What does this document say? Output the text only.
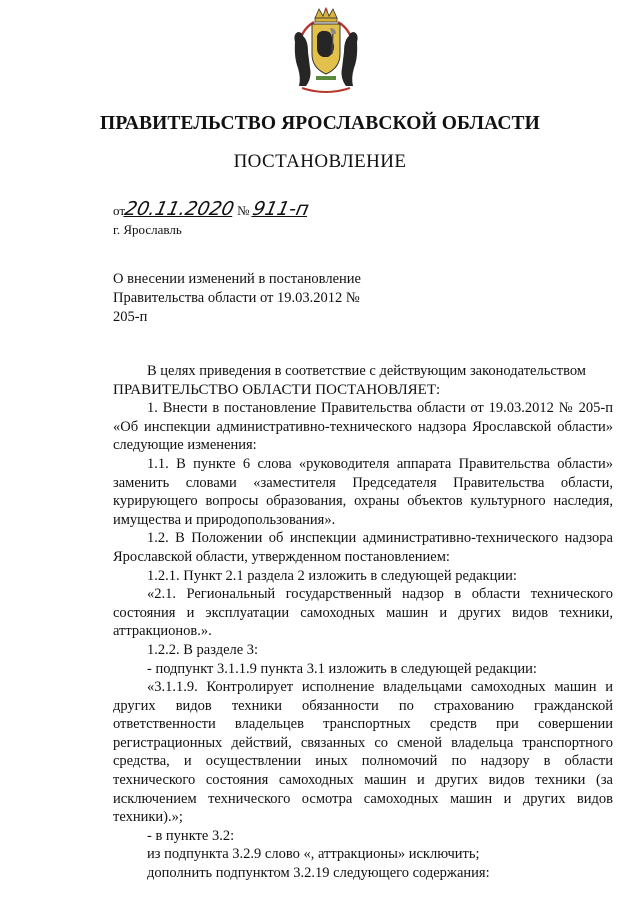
ПРАВИТЕЛЬСТВО ЯРОСЛАВСКОЙ ОБЛАСТИ
ПОСТАНОВЛЕНИЕ
от20.11.2020 № 911-п
г. Ярославль
О внесении изменений в постановление Правительства области от 19.03.2012 № 205-п

В целях приведения в соответствие с действующим законодательством

ПРАВИТЕЛЬСТВО ОБЛАСТИ ПОСТАНОВЛЯЕТ:

1. Внести в постановление Правительства области от 19.03.2012 № 205-п «Об инспекции административно-технического надзора Ярославской области» следующие изменения:

1.1. В пункте 6 слова «руководителя аппарата Правительства области» заменить словами «заместителя Председателя Правительства области, курирующего вопросы образования, охраны объектов культурного наследия, имущества и природопользования».

1.2. В Положении об инспекции административно-технического надзора Ярославской области, утвержденном постановлением:

1.2.1. Пункт 2.1 раздела 2 изложить в следующей редакции:

«2.1. Региональный государственный надзор в области технического состояния и эксплуатации самоходных машин и других видов техники, аттракционов.».

1.2.2. В разделе 3:

- подпункт 3.1.1.9 пункта 3.1 изложить в следующей редакции:

«3.1.1.9. Контролирует исполнение владельцами самоходных машин и других видов техники обязанности по страхованию гражданской ответственности владельцев транспортных средств при совершении регистрационных действий, связанных со сменой владельца транспортного средства, и осуществлении иных полномочий по надзору в области технического состояния самоходных машин и других видов техники (за исключением технического осмотра самоходных машин и других видов техники).»;

- в пункте 3.2:

из подпункта 3.2.9 слово «, аттракционы» исключить;

дополнить подпунктом 3.2.19 следующего содержания:
